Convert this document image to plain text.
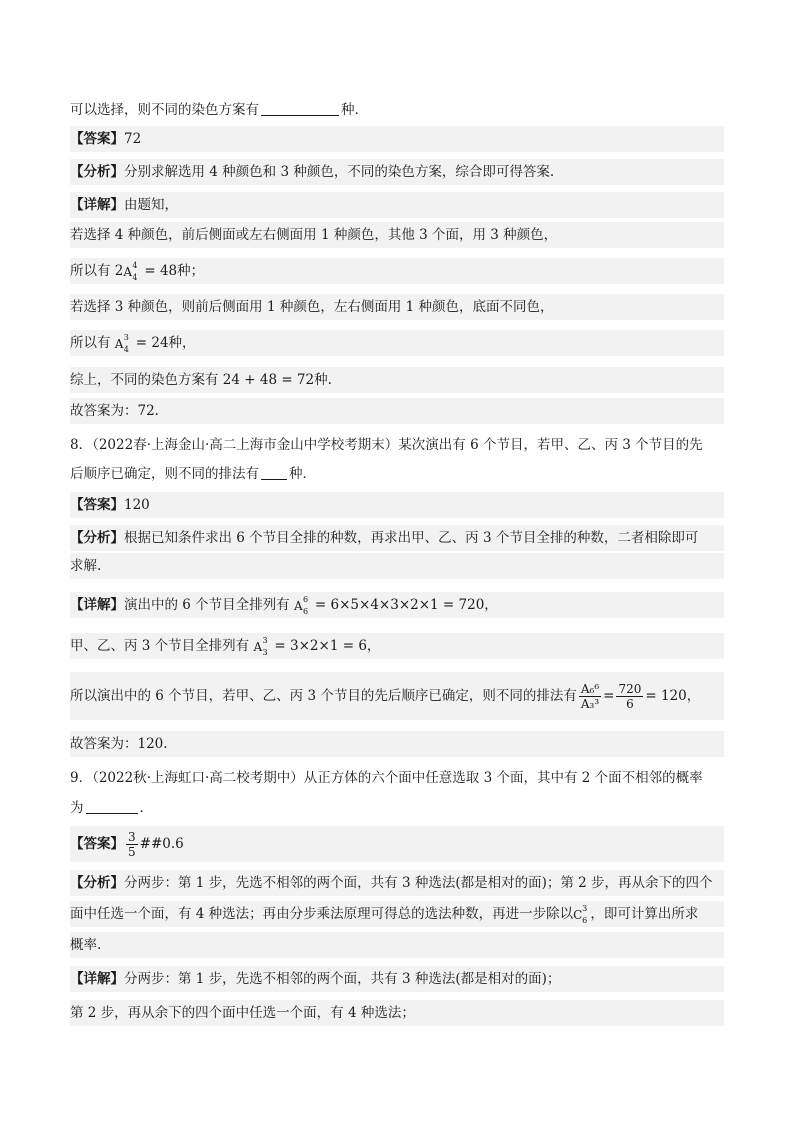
可以选择，则不同的染色方案有	种．
【答案】72
【分析】分别求解选用 4 种颜色和 3 种颜色，不同的染色方案，综合即可得答案.
【详解】由题知，
若选择 4 种颜色，前后侧面或左右侧面用 1 种颜色，其他 3 个面，用 3 种颜色，
所以有 2A 4
4 = 48种；
若选择 3 种颜色，则前后侧面用 1 种颜色，左右侧面用 1 种颜色，底面不同色，
所以有 A 3
4 = 24种，
综上，不同的染色方案有 24 + 48 = 72种.
故答案为：72.
8．（2022春·上海金山·高二上海市金山中学校考期末）某次演出有 6 个节目，若甲、乙、丙 3 个节目的先
后顺序已确定，则不同的排法有 种．
【答案】120
【分析】根据已知条件求出 6 个节目全排的种数，再求出甲、乙、丙 3 个节目全排的种数，二者相除即可
求解.
【详解】演出中的 6 个节目全排列有 A 6
6 = 6×5×4×3×2×1 = 720，
甲、乙、丙 3 个节目全排列有 A 3
3 = 3×2×1 = 6，
所以演出中的 6 个节目，若甲、乙、丙 3 个节目的先后顺序已确定，则不同的排法有 $\frac{\text{A₆⁶}}{\text{A₃³}} = \frac{720}{6} = 120$，
故答案为：120.
9．（2022秋·上海虹口·高二校考期中）从正方体的六个面中任意选取 3 个面，其中有 2 个面不相邻的概率
为	．
【答案】 $\frac{3}{5}$ ##0.6
【分析】分两步：第 1 步，先选不相邻的两个面，共有 3 种选法(都是相对的面)；第 2 步，再从余下的四个
面中任选一个面，有 4 种选法；再由分步乘法原理可得总的选法种数，再进一步除以C 3
6 ，即可计算出所求
概率.
【详解】分两步：第 1 步，先选不相邻的两个面，共有 3 种选法(都是相对的面)；
第 2 步，再从余下的四个面中任选一个面，有 4 种选法；
